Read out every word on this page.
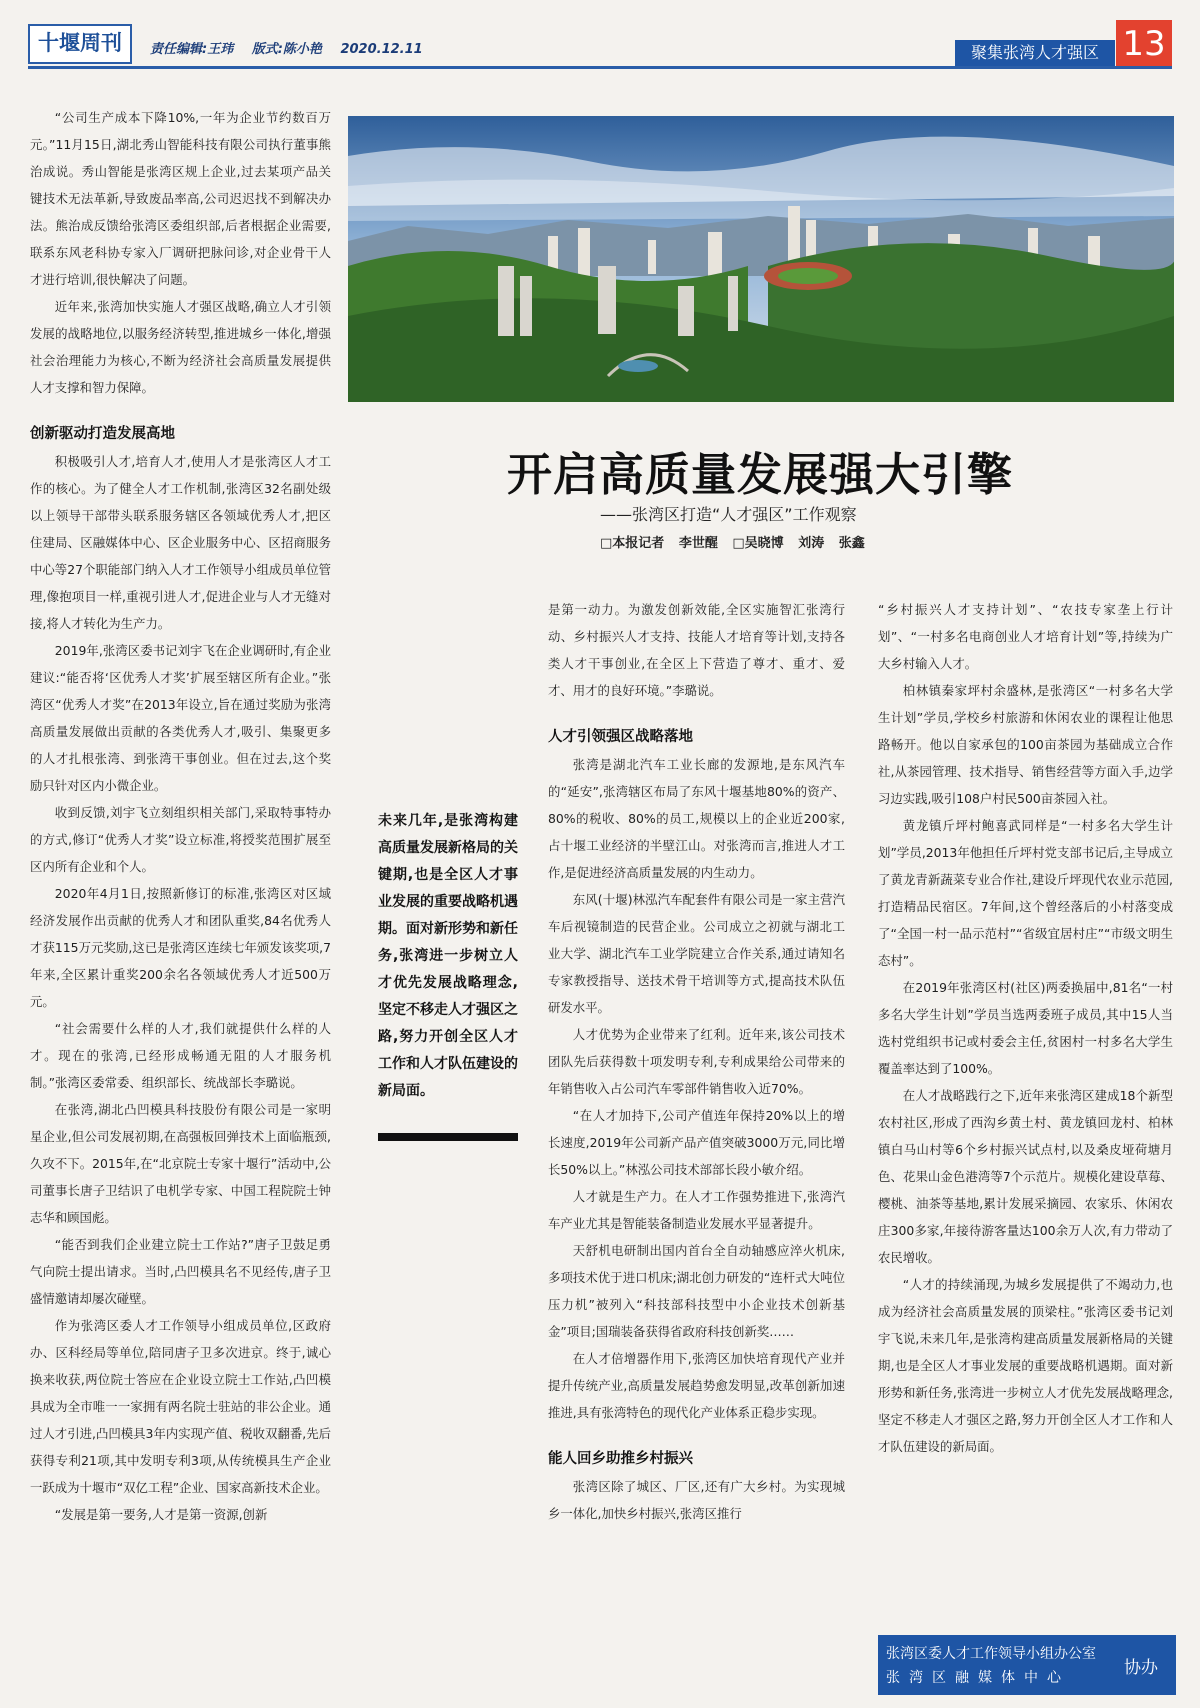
十堰周刊	责任编辑:王玮 版式:陈小艳 2020.12.11	聚集张湾人才强区 13
开启高质量发展强大引擎
——张湾区打造“人才强区”工作观察
□本报记者 李世醒 □吴晓博 刘涛 张鑫

“公司生产成本下降10%,一年为企业节约数百万元。”11月15日,湖北秀山智能科技有限公司执行董事熊治成说。秀山智能是张湾区规上企业,过去某项产品关键技术无法革新,导致废品率高,公司迟迟找不到解决办法。熊治成反馈给张湾区委组织部,后者根据企业需要,联系东风老科协专家入厂调研把脉问诊,对企业骨干人才进行培训,很快解决了问题。

近年来,张湾加快实施人才强区战略,确立人才引领发展的战略地位,以服务经济转型,推进城乡一体化,增强社会治理能力为核心,不断为经济社会高质量发展提供人才支撑和智力保障。

创新驱动打造发展高地

积极吸引人才,培育人才,使用人才是张湾区人才工作的核心。为了健全人才工作机制,张湾区32名副处级以上领导干部带头联系服务辖区各领域优秀人才,把区住建局、区融媒体中心、区企业服务中心、区招商服务中心等27个职能部门纳入人才工作领导小组成员单位管理,像抱项目一样,重视引进人才,促进企业与人才无缝对接,将人才转化为生产力。

2019年,张湾区委书记刘宇飞在企业调研时,有企业建议:“能否将‘区优秀人才奖’扩展至辖区所有企业。”张湾区“优秀人才奖”在2013年设立,旨在通过奖励为张湾高质量发展做出贡献的各类优秀人才,吸引、集聚更多的人才扎根张湾、到张湾干事创业。但在过去,这个奖励只针对区内小微企业。

收到反馈,刘宇飞立刻组织相关部门,采取特事特办的方式,修订“优秀人才奖”设立标准,将授奖范围扩展至区内所有企业和个人。

2020年4月1日,按照新修订的标准,张湾区对区域经济发展作出贡献的优秀人才和团队重奖,84名优秀人才获115万元奖励,这已是张湾区连续七年颁发该奖项,7年来,全区累计重奖200余名各领域优秀人才近500万元。

“社会需要什么样的人才,我们就提供什么样的人才。现在的张湾,已经形成畅通无阻的人才服务机制。”张湾区委常委、组织部长、统战部长李璐说。

在张湾,湖北凸凹模具科技股份有限公司是一家明星企业,但公司发展初期,在高强板回弹技术上面临瓶颈,久攻不下。2015年,在“北京院士专家十堰行”活动中,公司董事长唐子卫结识了电机学专家、中国工程院院士钟志华和顾国彪。

“能否到我们企业建立院士工作站?”唐子卫鼓足勇气向院士提出请求。当时,凸凹模具名不见经传,唐子卫盛情邀请却屡次碰壁。

作为张湾区委人才工作领导小组成员单位,区政府办、区科经局等单位,陪同唐子卫多次进京。终于,诚心换来收获,两位院士答应在企业设立院士工作站,凸凹模具成为全市唯一一家拥有两名院士驻站的非公企业。通过人才引进,凸凹模具3年内实现产值、税收双翻番,先后获得专利21项,其中发明专利3项,从传统模具生产企业一跃成为十堰市“双亿工程”企业、国家高新技术企业。

“发展是第一要务,人才是第一资源,创新

未来几年,是张湾构建高质量发展新格局的关键期,也是全区人才事业发展的重要战略机遇期。面对新形势和新任务,张湾进一步树立人才优先发展战略理念,坚定不移走人才强区之路,努力开创全区人才工作和人才队伍建设的新局面。

是第一动力。为激发创新效能,全区实施智汇张湾行动、乡村振兴人才支持、技能人才培育等计划,支持各类人才干事创业,在全区上下营造了尊才、重才、爱才、用才的良好环境。”李璐说。

人才引领强区战略落地

张湾是湖北汽车工业长廊的发源地,是东风汽车的“延安”,张湾辖区布局了东风十堰基地80%的资产、80%的税收、80%的员工,规模以上的企业近200家,占十堰工业经济的半壁江山。对张湾而言,推进人才工作,是促进经济高质量发展的内生动力。

东风(十堰)林泓汽车配套件有限公司是一家主营汽车后视镜制造的民营企业。公司成立之初就与湖北工业大学、湖北汽车工业学院建立合作关系,通过请知名专家教授指导、送技术骨干培训等方式,提高技术队伍研发水平。

人才优势为企业带来了红利。近年来,该公司技术团队先后获得数十项发明专利,专利成果给公司带来的年销售收入占公司汽车零部件销售收入近70%。

“在人才加持下,公司产值连年保持20%以上的增长速度,2019年公司新产品产值突破3000万元,同比增长50%以上。”林泓公司技术部部长段小敏介绍。

人才就是生产力。在人才工作强势推进下,张湾汽车产业尤其是智能装备制造业发展水平显著提升。

天舒机电研制出国内首台全自动轴感应淬火机床,多项技术优于进口机床;湖北创力研发的“连杆式大吨位压力机”被列入“科技部科技型中小企业技术创新基金”项目;国瑞装备获得省政府科技创新奖……

在人才倍增器作用下,张湾区加快培育现代产业并提升传统产业,高质量发展趋势愈发明显,改革创新加速推进,具有张湾特色的现代化产业体系正稳步实现。

能人回乡助推乡村振兴

张湾区除了城区、厂区,还有广大乡村。为实现城乡一体化,加快乡村振兴,张湾区推行

“乡村振兴人才支持计划”、“农技专家垄上行计划”、“一村多名电商创业人才培育计划”等,持续为广大乡村输入人才。

柏林镇秦家坪村余盛林,是张湾区“一村多名大学生计划”学员,学校乡村旅游和休闲农业的课程让他思路畅开。他以自家承包的100亩茶园为基础成立合作社,从茶园管理、技术指导、销售经营等方面入手,边学习边实践,吸引108户村民500亩茶园入社。

黄龙镇斤坪村鲍喜武同样是“一村多名大学生计划”学员,2013年他担任斤坪村党支部书记后,主导成立了黄龙青新蔬菜专业合作社,建设斤坪现代农业示范园,打造精品民宿区。7年间,这个曾经落后的小村落变成了“全国一村一品示范村”“省级宜居村庄”“市级文明生态村”。

在2019年张湾区村(社区)两委换届中,81名“一村多名大学生计划”学员当选两委班子成员,其中15人当选村党组织书记或村委会主任,贫困村一村多名大学生覆盖率达到了100%。

在人才战略践行之下,近年来张湾区建成18个新型农村社区,形成了西沟乡黄土村、黄龙镇回龙村、柏林镇白马山村等6个乡村振兴试点村,以及桑皮垭荷塘月色、花果山金色港湾等7个示范片。规模化建设草莓、樱桃、油茶等基地,累计发展采摘园、农家乐、休闲农庄300多家,年接待游客量达100余万人次,有力带动了农民增收。

“人才的持续涌现,为城乡发展提供了不竭动力,也成为经济社会高质量发展的顶梁柱。”张湾区委书记刘宇飞说,未来几年,是张湾构建高质量发展新格局的关键期,也是全区人才事业发展的重要战略机遇期。面对新形势和新任务,张湾进一步树立人才优先发展战略理念,坚定不移走人才强区之路,努力开创全区人才工作和人才队伍建设的新局面。

张湾区委人才工作领导小组办公室
张湾区融媒体中心	协办
